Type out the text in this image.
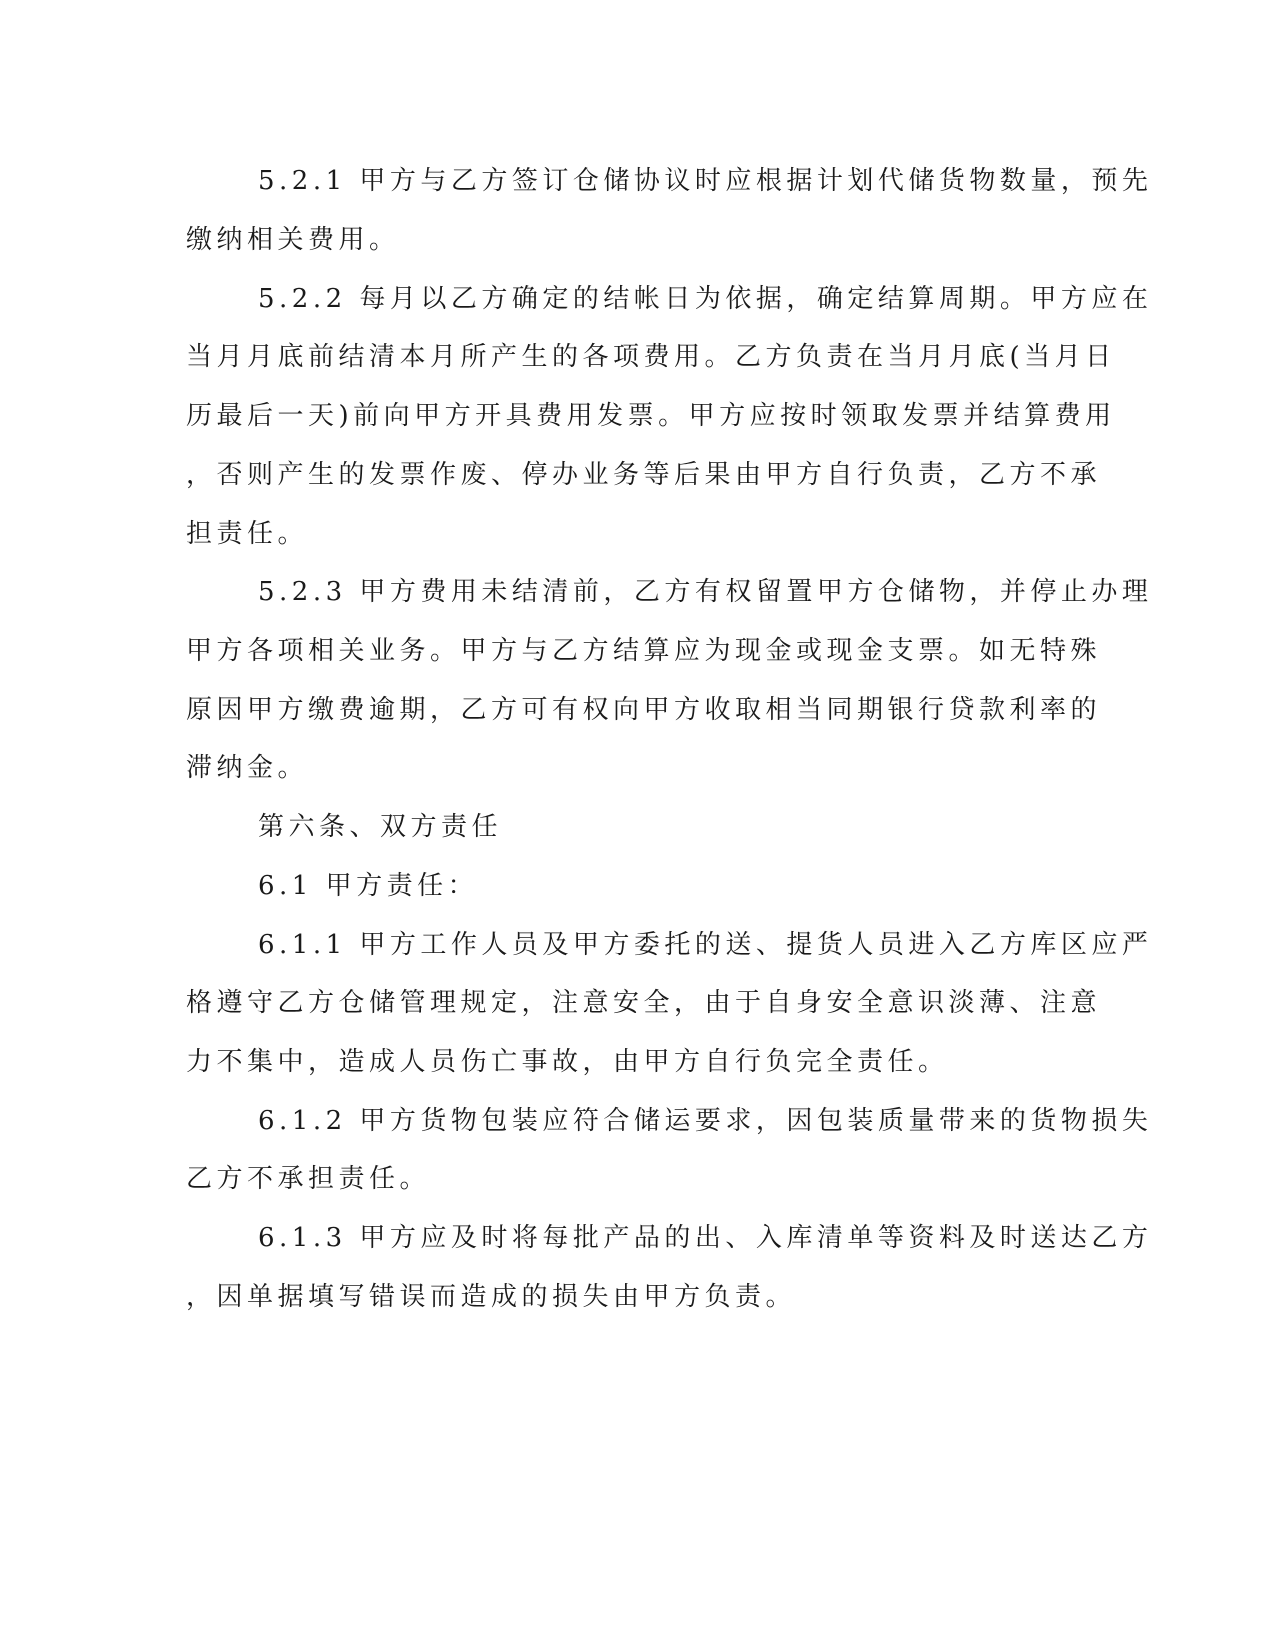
5.2.1 甲方与乙方签订仓储协议时应根据计划代储货物数量，预先
缴纳相关费用。
5.2.2 每月以乙方确定的结帐日为依据，确定结算周期。甲方应在
当月月底前结清本月所产生的各项费用。乙方负责在当月月底(当月日
历最后一天)前向甲方开具费用发票。甲方应按时领取发票并结算费用
，否则产生的发票作废、停办业务等后果由甲方自行负责，乙方不承
担责任。
5.2.3 甲方费用未结清前，乙方有权留置甲方仓储物，并停止办理
甲方各项相关业务。甲方与乙方结算应为现金或现金支票。如无特殊
原因甲方缴费逾期，乙方可有权向甲方收取相当同期银行贷款利率的
滞纳金。
第六条、双方责任
6.1 甲方责任：
6.1.1 甲方工作人员及甲方委托的送、提货人员进入乙方库区应严
格遵守乙方仓储管理规定，注意安全，由于自身安全意识淡薄、注意
力不集中，造成人员伤亡事故，由甲方自行负完全责任。
6.1.2 甲方货物包装应符合储运要求，因包装质量带来的货物损失
乙方不承担责任。
6.1.3 甲方应及时将每批产品的出、入库清单等资料及时送达乙方
，因单据填写错误而造成的损失由甲方负责。
